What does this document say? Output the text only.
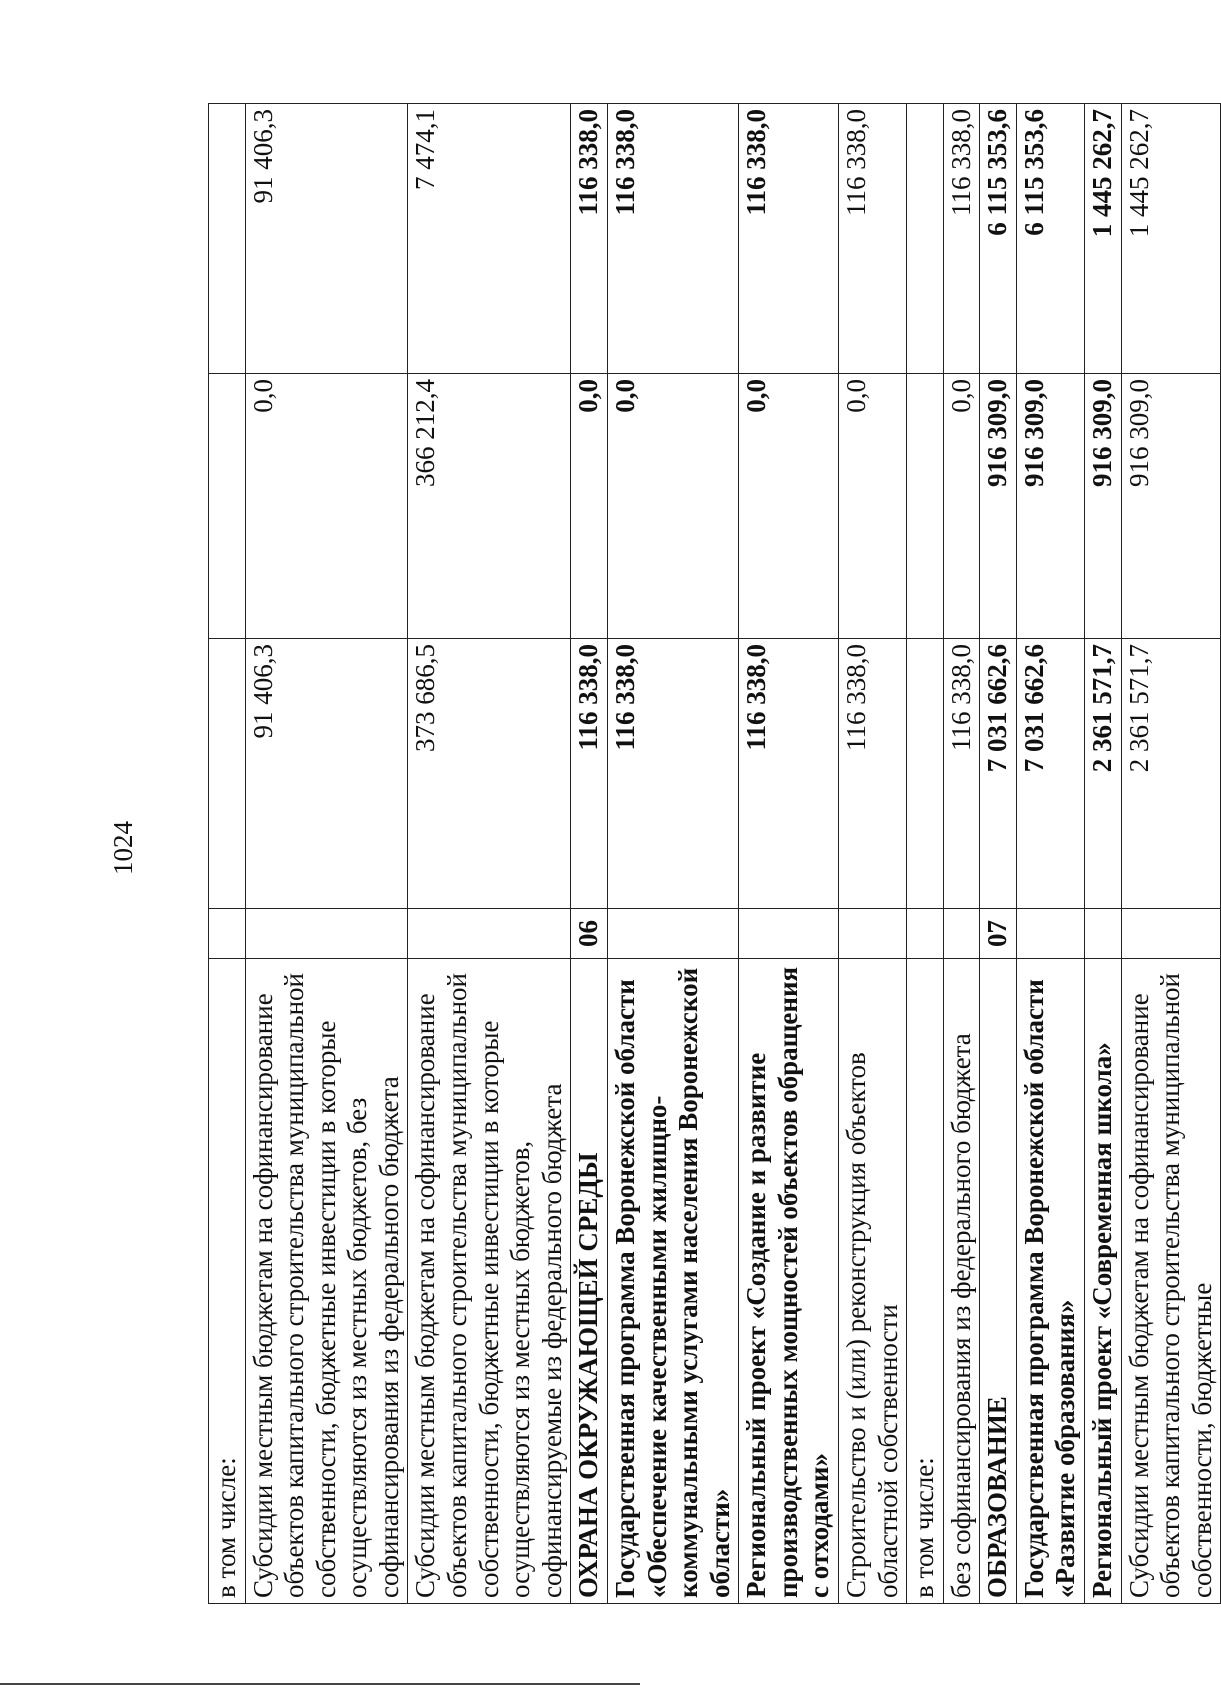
1024
в том числе:				
Субсидии местным бюджетам на софинансирование объектов капитального строительства муниципальной собственности, бюджетные инвестиции в которые осуществляются из местных бюджетов, без софинансирования из федерального бюджета		91 406,3	0,0	91 406,3
Субсидии местным бюджетам на софинансирование объектов капитального строительства муниципальной собственности, бюджетные инвестиции в которые осуществляются из местных бюджетов, софинансируемые из федерального бюджета		373 686,5	366 212,4	7 474,1
ОХРАНА ОКРУЖАЮЩЕЙ СРЕДЫ	06	116 338,0	0,0	116 338,0
Государственная программа Воронежской области «Обеспечение качественными жилищно-коммунальными услугами населения Воронежской области»		116 338,0	0,0	116 338,0
Региональный проект «Создание и развитие производственных мощностей объектов обращения с отходами»		116 338,0	0,0	116 338,0
Строительство и (или) реконструкция объектов областной собственности		116 338,0	0,0	116 338,0
в том числе:				
без софинансирования из федерального бюджета		116 338,0	0,0	116 338,0
ОБРАЗОВАНИЕ	07	7 031 662,6	916 309,0	6 115 353,6
Государственная программа Воронежской области «Развитие образования»		7 031 662,6	916 309,0	6 115 353,6
Региональный проект «Современная школа»		2 361 571,7	916 309,0	1 445 262,7
Субсидии местным бюджетам на софинансирование объектов капитального строительства муниципальной собственности, бюджетные		2 361 571,7	916 309,0	1 445 262,7
